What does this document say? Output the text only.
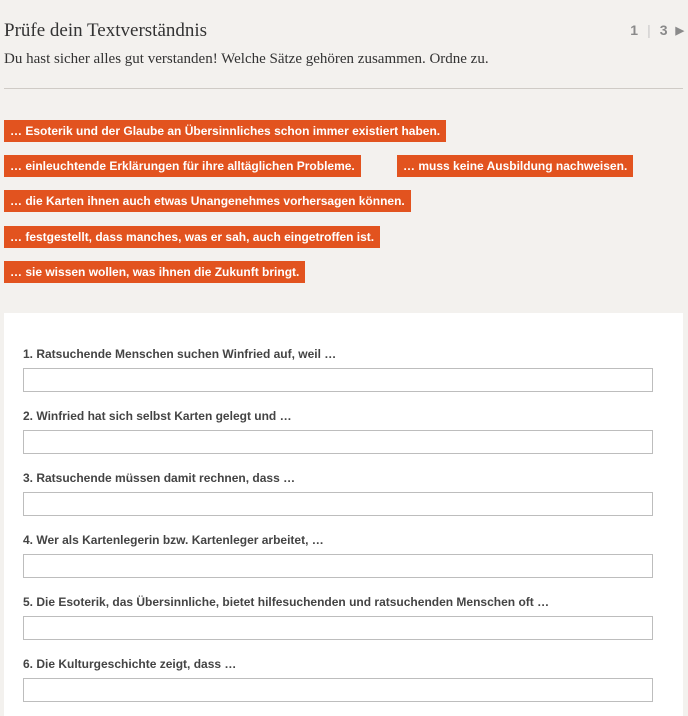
Prüfe dein Textverständnis	1 | 3 ▶
Du hast sicher alles gut verstanden! Welche Sätze gehören zusammen. Ordne zu.
… Esoterik und der Glaube an Übersinnliches schon immer existiert haben.
… einleuchtende Erklärungen für ihre alltäglichen Probleme.	… muss keine Ausbildung nachweisen.
… die Karten ihnen auch etwas Unangenehmes vorhersagen können.
… festgestellt, dass manches, was er sah, auch eingetroffen ist.
… sie wissen wollen, was ihnen die Zukunft bringt.
1. Ratsuchende Menschen suchen Winfried auf, weil …
2. Winfried hat sich selbst Karten gelegt und …
3. Ratsuchende müssen damit rechnen, dass …
4. Wer als Kartenlegerin bzw. Kartenleger arbeitet, …
5. Die Esoterik, das Übersinnliche, bietet hilfesuchenden und ratsuchenden Menschen oft …
6. Die Kulturgeschichte zeigt, dass …
